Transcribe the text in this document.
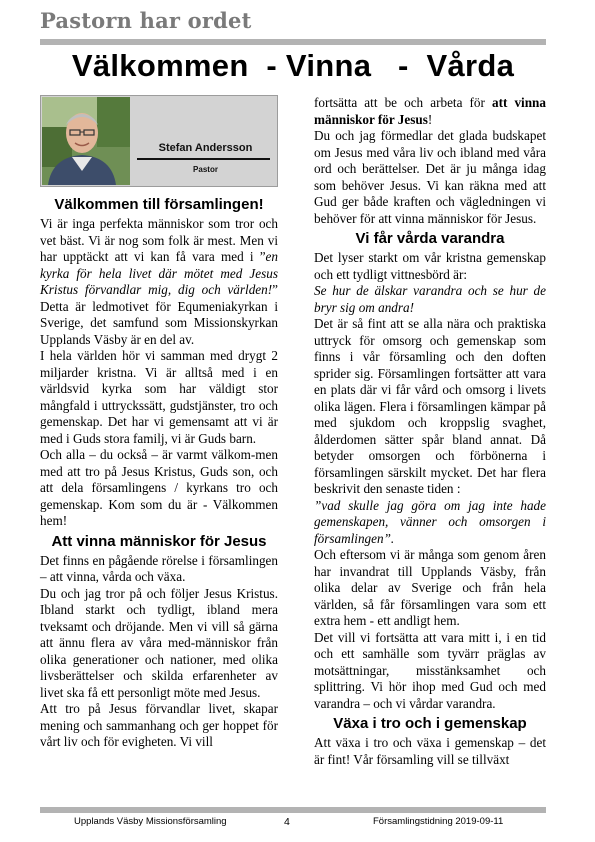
Pastorn har ordet
Välkommen  - Vinna   -  Vårda
Stefan Andersson
Pastor
Välkommen till församlingen!

Vi är inga perfekta människor som tror och vet bäst. Vi är nog som folk är mest. Men vi har upptäckt att vi kan få vara med i ”en kyrka för hela livet där mötet med Jesus Kristus förvandlar mig, dig och världen!” Detta är ledmotivet för Equmeniakyrkan i Sverige, det samfund som Missionskyrkan Upplands Väsby är en del av.

I hela världen hör vi samman med drygt 2 miljarder kristna. Vi är alltså med i en världsvid kyrka som har väldigt stor mångfald i uttryckssätt, gudstjänster, tro och gemenskap. Det har vi gemensamt att vi är med i Guds stora familj, vi är Guds barn.

Och alla – du också – är varmt välkom-men med att tro på Jesus Kristus, Guds son, och att dela församlingens / kyrkans tro och gemenskap. Kom som du är - Välkommen hem!

Att vinna människor för Jesus

Det finns en pågående rörelse i församlingen – att vinna, vårda och växa.

Du och jag tror på och följer Jesus Kristus. Ibland starkt och tydligt, ibland mera tveksamt och dröjande. Men vi vill så gärna att ännu flera av våra med-människor från olika generationer och nationer, med olika livsberättelser och skilda erfarenheter av livet ska få ett personligt möte med Jesus.

Att tro på Jesus förvandlar livet, skapar mening och sammanhang och ger hoppet för vårt liv och för evigheten. Vi vill

fortsätta att be och arbeta för att vinna människor för Jesus!

Du och jag förmedlar det glada budskapet om Jesus med våra liv och ibland med våra ord och berättelser. Det är ju många idag som behöver Jesus. Vi kan räkna med att Gud ger både kraften och vägledningen vi behöver för att vinna människor för Jesus.

Vi får vårda varandra

Det lyser starkt om vår kristna gemenskap och ett tydligt vittnesbörd är:

Se hur de älskar varandra och se hur de bryr sig om andra!

Det är så fint att se alla nära och praktiska uttryck för omsorg och gemenskap som finns i vår församling och den doften sprider sig. Församlingen fortsätter att vara en plats där vi får vård och omsorg i livets olika lägen. Flera i församlingen kämpar på med sjukdom och kroppslig svaghet, ålderdomen sätter spår bland annat. Då betyder omsorgen och förbönerna i församlingen särskilt mycket. Det har flera beskrivit den senaste tiden :

”vad skulle jag göra om jag inte hade gemenskapen, vänner och omsorgen i församlingen”.

Och eftersom vi är många som genom åren har invandrat till Upplands Väsby, från olika delar av Sverige och från hela världen, så får församlingen vara som ett extra hem - ett andligt hem.

Det vill vi fortsätta att vara mitt i, i en tid och ett samhälle som tyvärr präglas av motsättningar, misstänksamhet och splittring. Vi hör ihop med Gud och med varandra – och vi vårdar varandra.

Växa i tro och i gemenskap

Att växa i tro och växa i gemenskap – det är fint! Vår församling vill se tillväxt

Upplands Väsby Missionsförsamling	4	Församlingstidning 2019-09-11
